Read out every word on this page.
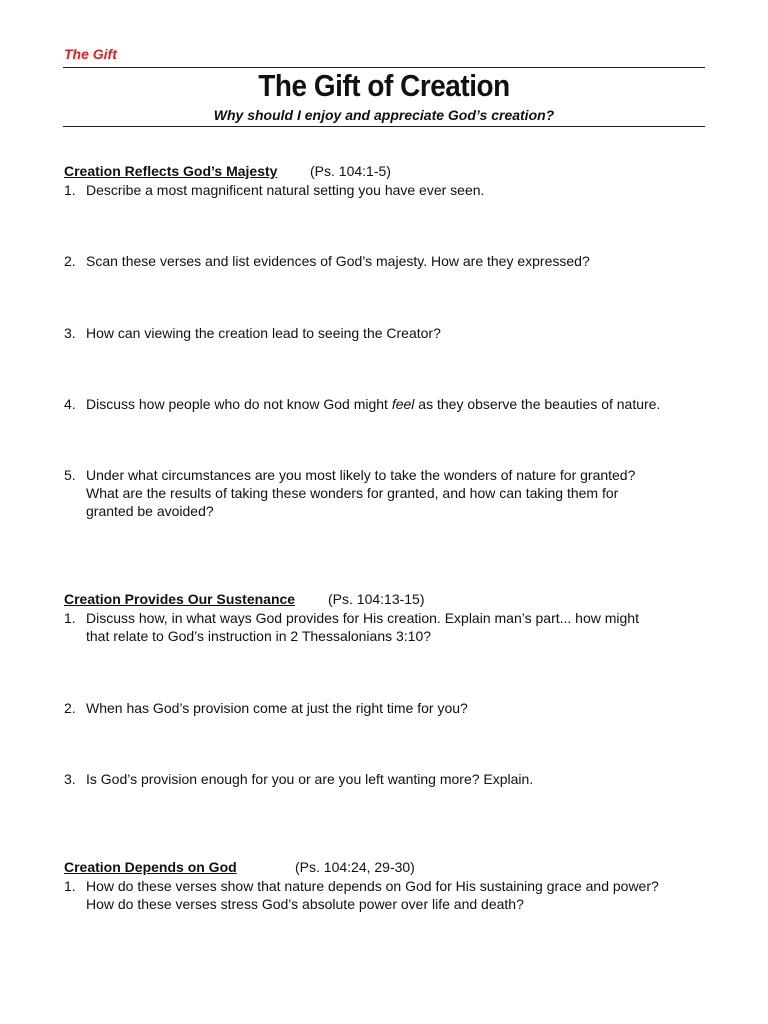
The Gift
The Gift of Creation
Why should I enjoy and appreciate God’s creation?
Creation Reflects God’s Majesty (Ps. 104:1-5)
1. Describe a most magnificent natural setting you have ever seen.
2. Scan these verses and list evidences of God’s majesty. How are they expressed?
3. How can viewing the creation lead to seeing the Creator?
4. Discuss how people who do not know God might feel as they observe the beauties of nature.
5. Under what circumstances are you most likely to take the wonders of nature for granted?
What are the results of taking these wonders for granted, and how can taking them for
granted be avoided?
Creation Provides Our Sustenance (Ps. 104:13-15)
1. Discuss how, in what ways God provides for His creation. Explain man’s part... how might
that relate to God’s instruction in 2 Thessalonians 3:10?
2. When has God’s provision come at just the right time for you?
3. Is God’s provision enough for you or are you left wanting more? Explain.
Creation Depends on God	(Ps. 104:24, 29-30)
1. How do these verses show that nature depends on God for His sustaining grace and power?
How do these verses stress God’s absolute power over life and death?
